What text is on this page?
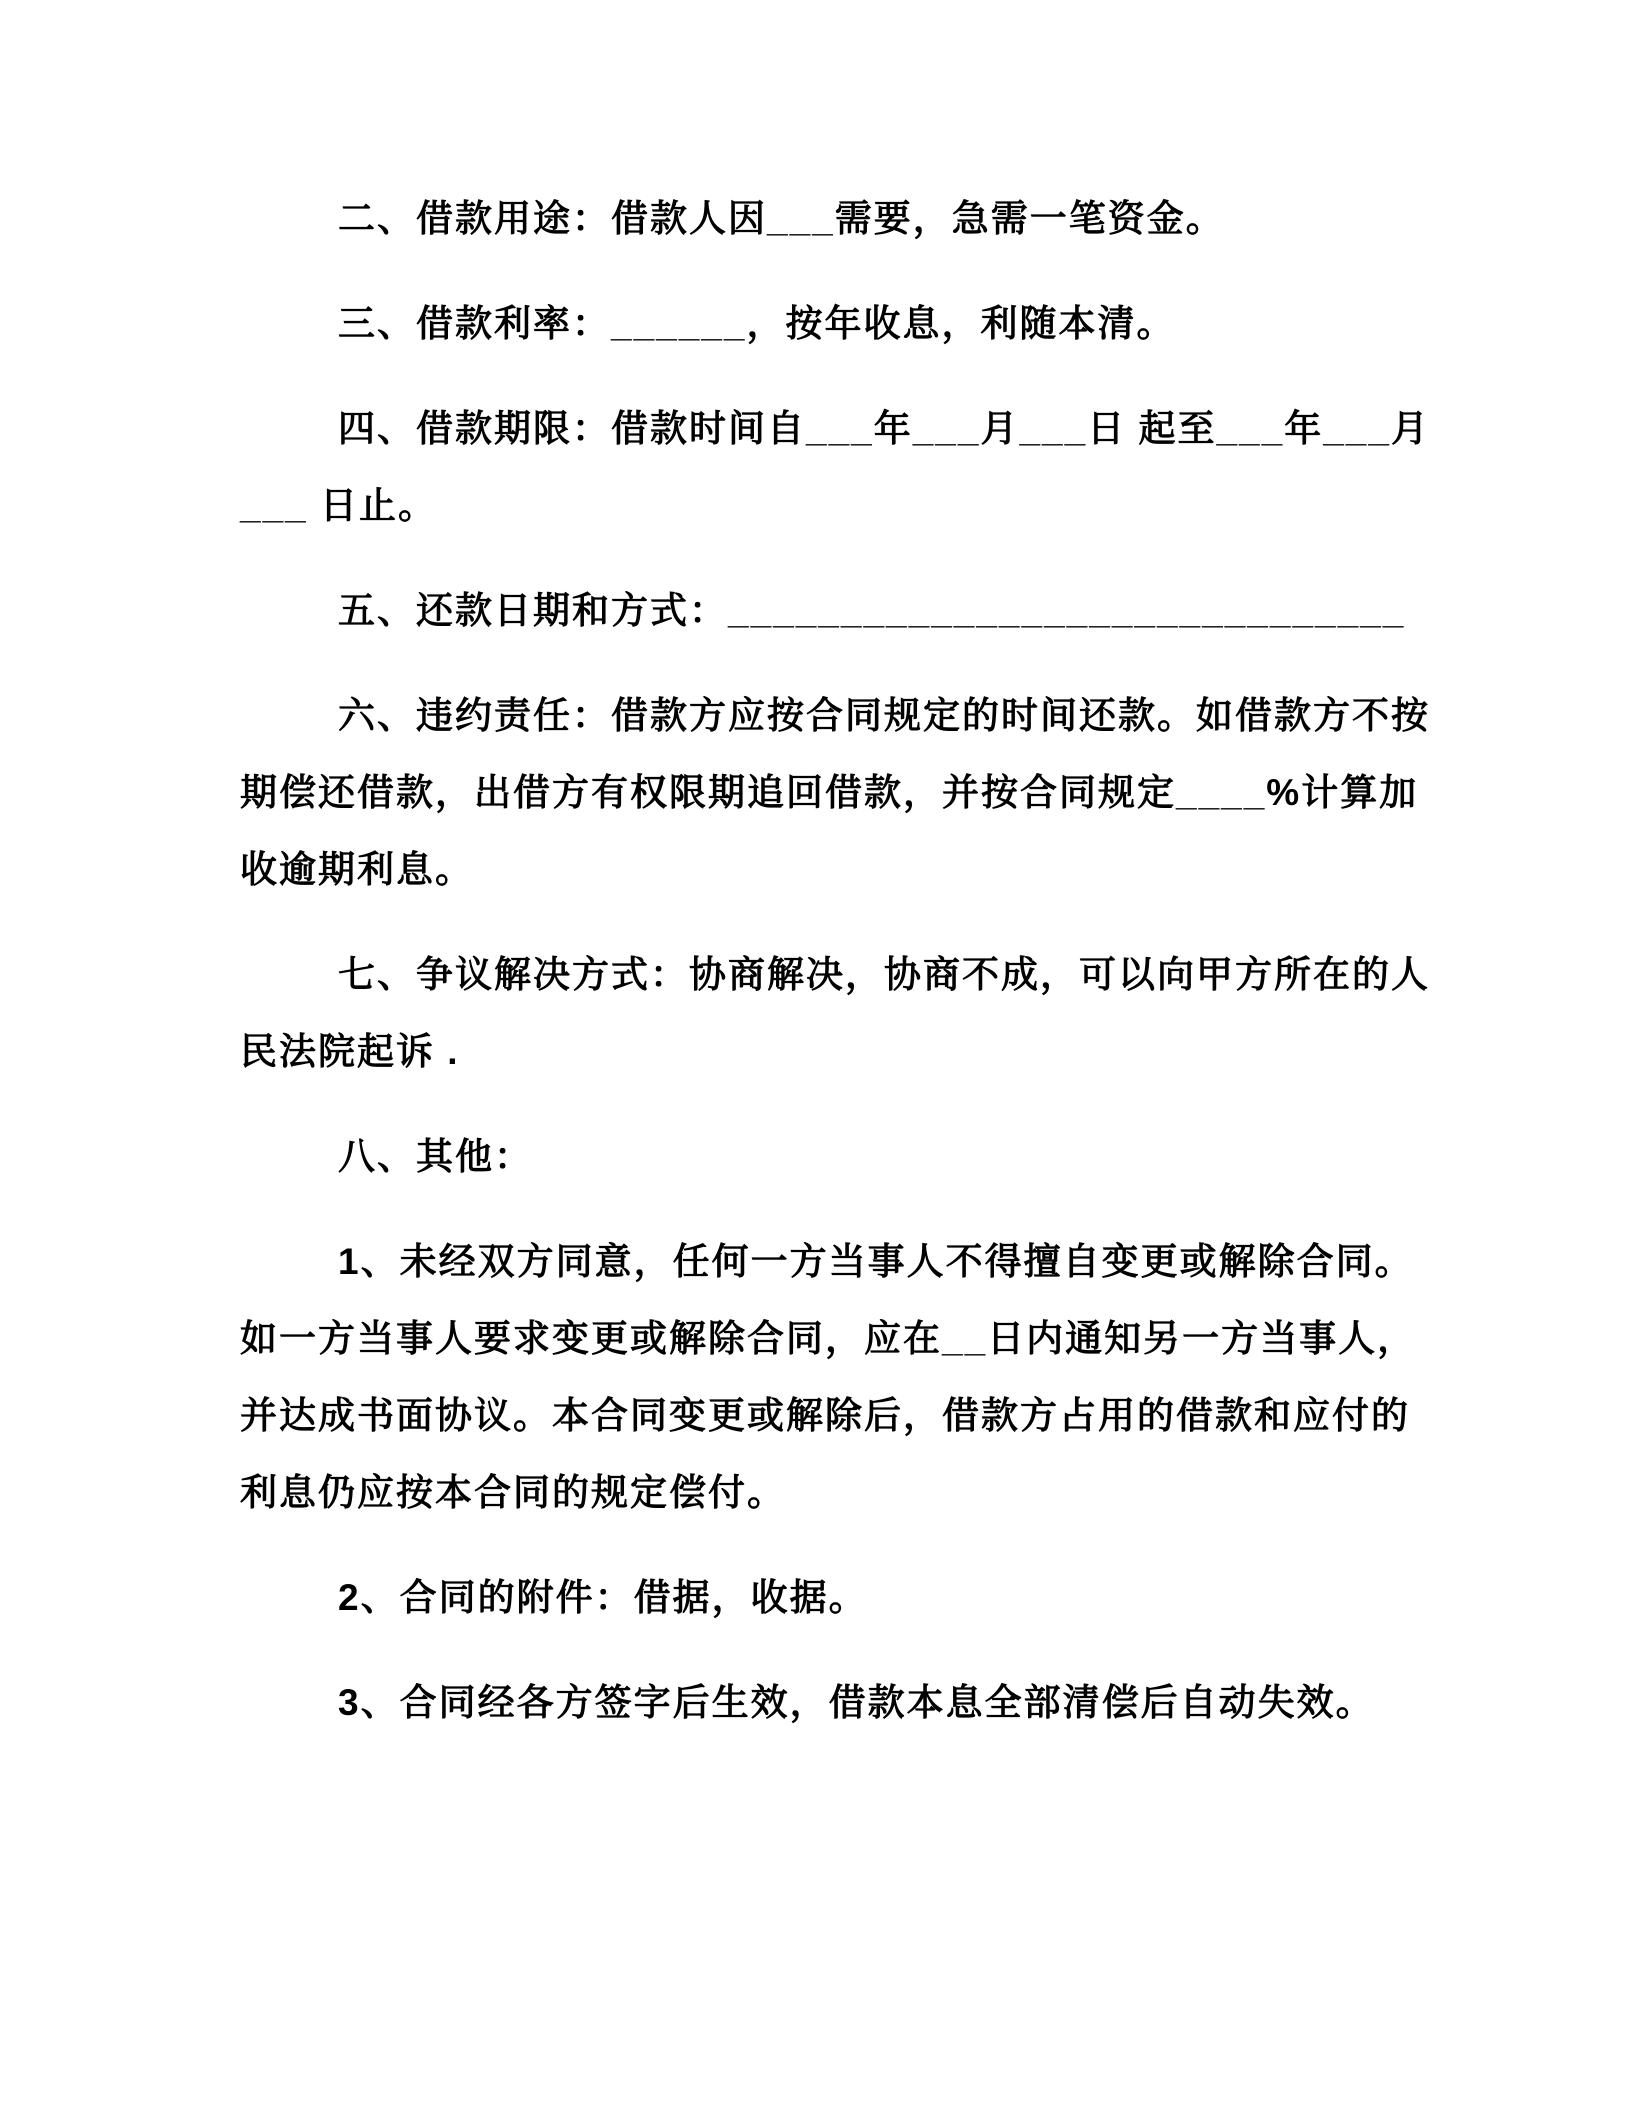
二、借款用途：借款人因___需要，急需一笔资金。
三、借款利率：______，按年收息，利随本清。
四、借款期限：借款时间自___年___月___日 起至___年___月
___ 日止。
五、还款日期和方式：______________________________
六、违约责任：借款方应按合同规定的时间还款。如借款方不按
期偿还借款，出借方有权限期追回借款，并按合同规定____%计算加
收逾期利息。
七、争议解决方式：协商解决，协商不成，可以向甲方所在的人
民法院起诉 .
八、其他：
1、未经双方同意，任何一方当事人不得擅自变更或解除合同。
如一方当事人要求变更或解除合同，应在__日内通知另一方当事人，
并达成书面协议。本合同变更或解除后，借款方占用的借款和应付的
利息仍应按本合同的规定偿付。
2、合同的附件：借据，收据。
3、合同经各方签字后生效，借款本息全部清偿后自动失效。
